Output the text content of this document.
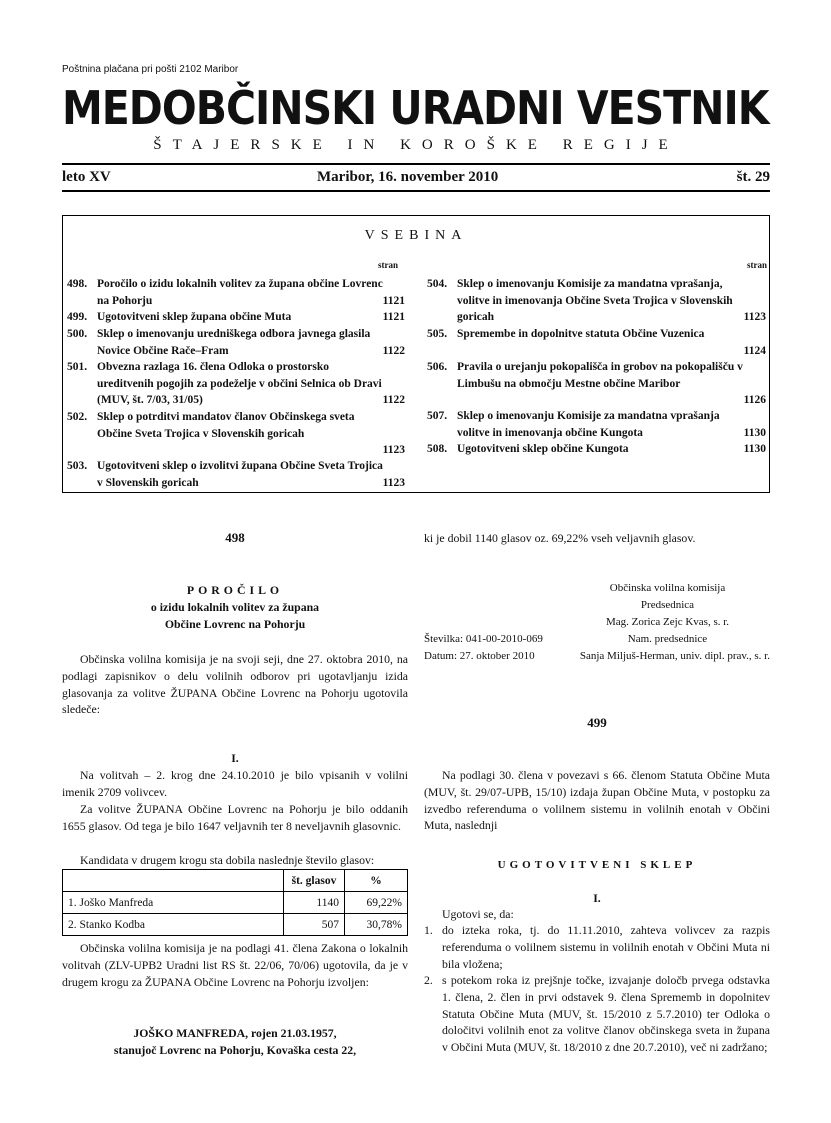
Poštnina plačana pri pošti 2102 Maribor
MEDOBČINSKI URADNI VESTNIK
ŠTAJERSKE IN KOROŠKE REGIJE
leto XV	Maribor, 16. november 2010	št. 29
VSEBINA
stran	stran
498. Poročilo o izidu lokalnih volitev za župana občine Lovrenc na Pohorju	1121
499. Ugotovitveni sklep župana občine Muta	1121
500. Sklep o imenovanju uredniškega odbora javnega glasila Novice Občine Rače–Fram	1122
501. Obvezna razlaga 16. člena Odloka o prostorsko ureditvenih pogojih za podeželje v občini Selnica ob Dravi (MUV, št. 7/03, 31/05)	1122
502. Sklep o potrditvi mandatov članov Občinskega sveta Občine Sveta Trojica v Slovenskih goricah
1123
503. Ugotovitveni sklep o izvolitvi župana Občine Sveta Trojica v Slovenskih goricah	1123
504. Sklep o imenovanju Komisije za mandatna vprašanja, volitve in imenovanja Občine Sveta Trojica v Slovenskih goricah	1123
505. Spremembe in dopolnitve statuta Občine Vuzenica
1124
506. Pravila o urejanju pokopališča in grobov na pokopališču v Limbušu na območju Mestne občine Maribor
1126
507. Sklep o imenovanju Komisije za mandatna vprašanja volitve in imenovanja občine Kungota	1130
508. Ugotovitveni sklep občine Kungota	1130
498
POROČILO
o izidu lokalnih volitev za župana
Občine Lovrenc na Pohorju

Občinska volilna komisija je na svoji seji, dne 27. oktobra 2010, na podlagi zapisnikov o delu volilnih odborov pri ugotavljanju izida glasovanja za volitve ŽUPANA Občine Lovrenc na Pohorju ugotovila sledeče:

I.

Na volitvah – 2. krog dne 24.10.2010 je bilo vpisanih v volilni imenik 2709 volivcev.

Za volitve ŽUPANA Občine Lovrenc na Pohorju je bilo oddanih 1655 glasov. Od tega je bilo 1647 veljavnih ter 8 neveljavnih glasovnic.

Kandidata v drugem krogu sta dobila naslednje število glasov:

	št. glasov	%
1. Joško Manfreda	1140	69,22%
2. Stanko Kodba	507	30,78%

Občinska volilna komisija je na podlagi 41. člena Zakona o lokalnih volitvah (ZLV-UPB2 Uradni list RS št. 22/06, 70/06) ugotovila, da je v drugem krogu za ŽUPANA Občine Lovrenc na Pohorju izvoljen:

JOŠKO MANFREDA, rojen 21.03.1957,
stanujoč Lovrenc na Pohorju, Kovaška cesta 22,

ki je dobil 1140 glasov oz. 69,22% vseh veljavnih glasov.

Občinska volilna komisija
Predsednica
Mag. Zorica Zejc Kvas, s. r.
Številka: 041-00-2010-069	Nam. predsednice
Datum: 27. oktober 2010	Sanja Miljuš-Herman, univ. dipl. prav., s. r.
499

Na podlagi 30. člena v povezavi s 66. členom Statuta Občine Muta (MUV, št. 29/07-UPB, 15/10) izdaja župan Občine Muta, v postopku za izvedbo referenduma o volilnem sistemu in volilnih enotah v Občini Muta, naslednji

UGOTOVITVENI SKLEP
I.
Ugotovi se, da:
1. do izteka roka, tj. do 11.11.2010, zahteva volivcev za razpis referenduma o volilnem sistemu in volilnih enotah v Občini Muta ni bila vložena;

2. s potekom roka iz prejšnje točke, izvajanje določb prvega odstavka 1. člena, 2. člen in prvi odstavek 9. člena Sprememb in dopolnitev Statuta Občine Muta (MUV, št. 15/2010 z 5.7.2010) ter Odloka o določitvi volilnih enot za volitve članov občinskega sveta in župana v Občini Muta (MUV, št. 18/2010 z dne 20.7.2010), več ni zadržano;
